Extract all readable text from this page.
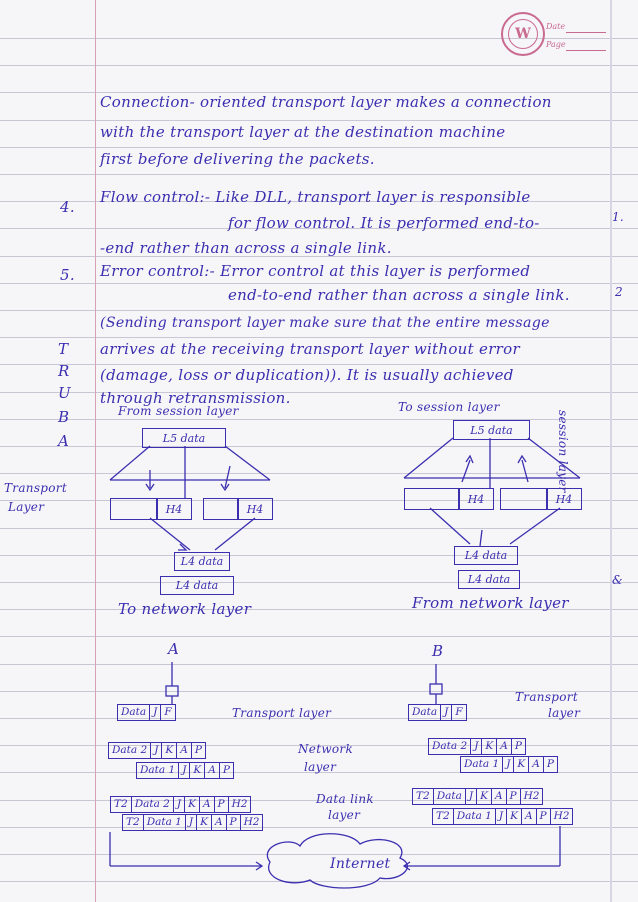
W	Date
Page
Connection- oriented transport layer makes a connection
with the transport layer at the destination machine
first before delivering the packets.
4.
Flow control:- Like DLL, transport layer is responsible
for flow control. It is performed end-to-
-end rather than across a single link.
5. Error control:- Error control at this layer is performed
end-to-end rather than across a single link.
(Sending transport layer make sure that the entire message
arrives at the receiving transport layer without error
(damage, loss or duplication)). It is usually achieved
through retransmission.
T
R
U
B
A
Transport
Layer
1.
2
&
session layer
From session layer	To session layer
L5 data
L5 data
H4	H4
H4	H4
L4 data
L4 data
L4 data
L4 data
To network layer	From network layer
A	B
Data J F	Transport layer	Data J F
Transport
layer
Data 2 J K A P
Data 1 J K A P
Network
layer
Data 2 J K A P
Data 1 J K A P
T2 Data 2 J K A P H2
T2 Data 1 J K A P H2
Data link
layer
T2 Data J K A P H2
T2 Data 1 J K A P H2
Internet
